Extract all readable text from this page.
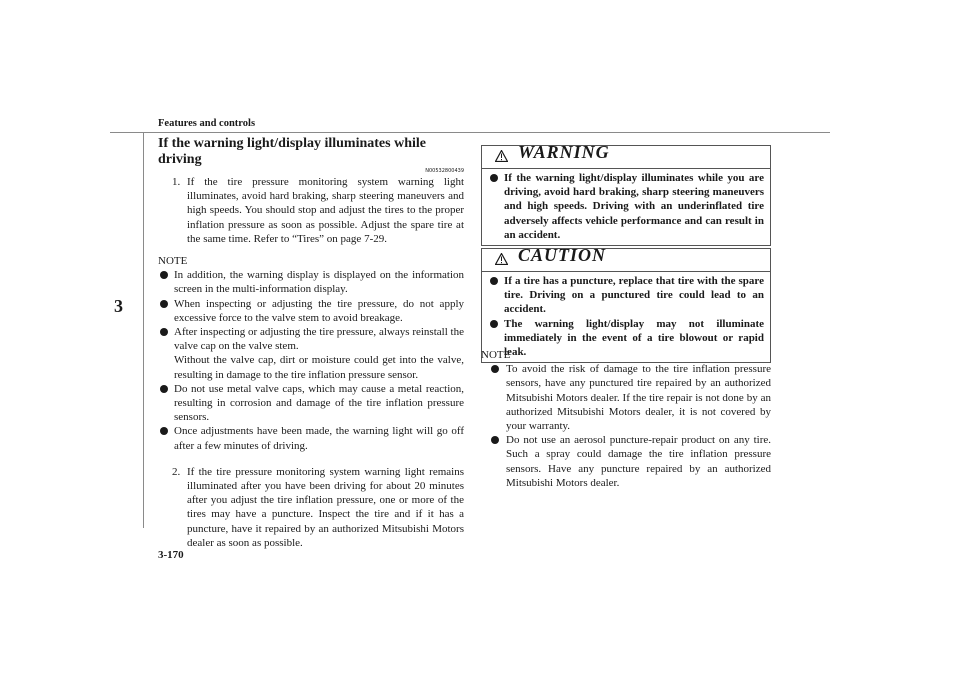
Features and controls
3
3-170
If the warning light/display illuminates while driving
N00532800439

1. If the tire pressure monitoring system warning light illuminates, avoid hard braking, sharp steering maneuvers and high speeds. You should stop and adjust the tires to the proper inflation pressure as soon as possible. Adjust the spare tire at the same time. Refer to “Tires” on page 7-29.

NOTE

In addition, the warning display is displayed on the information screen in the multi-information display.

When inspecting or adjusting the tire pressure, do not apply excessive force to the valve stem to avoid breakage.

After inspecting or adjusting the tire pressure, always reinstall the valve cap on the valve stem.

Without the valve cap, dirt or moisture could get into the valve, resulting in damage to the tire inflation pressure sensor.

Do not use metal valve caps, which may cause a metal reaction, resulting in corrosion and damage of the tire inflation pressure sensors.

Once adjustments have been made, the warning light will go off after a few minutes of driving.

2. If the tire pressure monitoring system warning light remains illuminated after you have been driving for about 20 minutes after you adjust the tire inflation pressure, one or more of the tires may have a puncture. Inspect the tire and if it has a puncture, have it repaired by an authorized Mitsubishi Motors dealer as soon as possible.

WARNING

If the warning light/display illuminates while you are driving, avoid hard braking, sharp steering maneuvers and high speeds. Driving with an underinflated tire adversely affects vehicle performance and can result in an accident.

CAUTION

If a tire has a puncture, replace that tire with the spare tire. Driving on a punctured tire could lead to an accident.

The warning light/display may not illuminate immediately in the event of a tire blowout or rapid leak.

NOTE

To avoid the risk of damage to the tire inflation pressure sensors, have any punctured tire repaired by an authorized Mitsubishi Motors dealer. If the tire repair is not done by an authorized Mitsubishi Motors dealer, it is not covered by your warranty.

Do not use an aerosol puncture-repair product on any tire. Such a spray could damage the tire inflation pressure sensors. Have any puncture repaired by an authorized Mitsubishi Motors dealer.
